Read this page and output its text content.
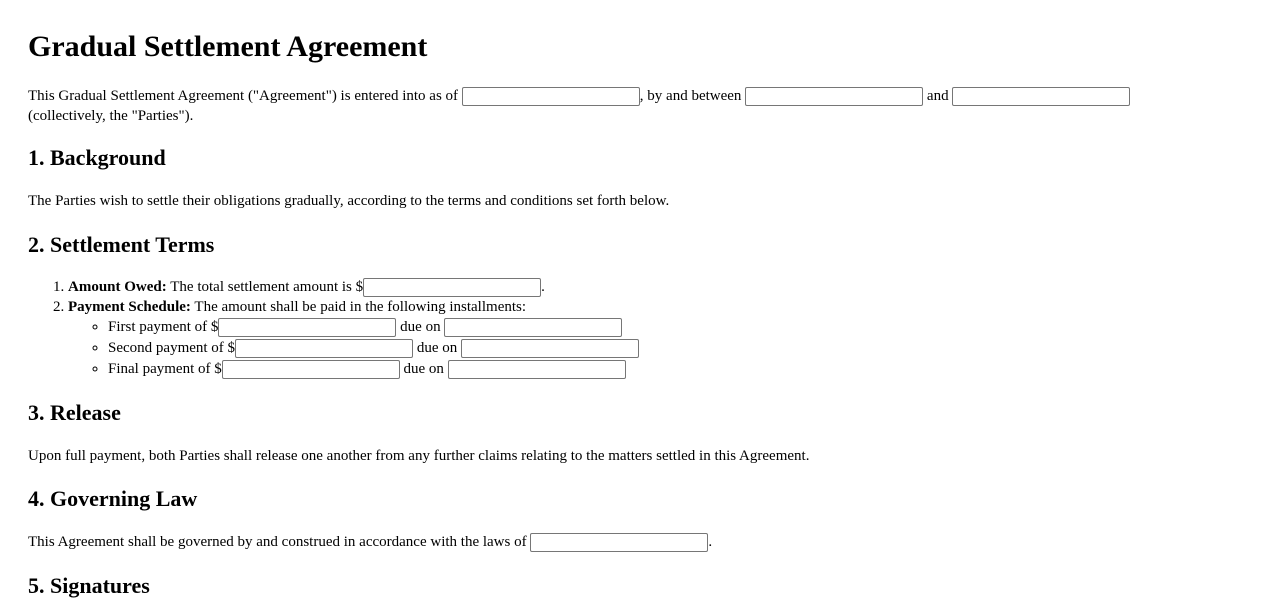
Gradual Settlement Agreement

This Gradual Settlement Agreement ("Agreement") is entered into as of	, by and between	and
(collectively, the "Parties").

1. Background

The Parties wish to settle their obligations gradually, according to the terms and conditions set forth below.

2. Settlement Terms
1. Amount Owed: The total settlement amount is $	.
2. Payment Schedule: The amount shall be paid in the following installments:
◦ First payment of $	due on
◦ Second payment of $	due on
◦ Final payment of $	due on
3. Release

Upon full payment, both Parties shall release one another from any further claims relating to the matters settled in this Agreement.

4. Governing Law

This Agreement shall be governed by and construed in accordance with the laws of	.

5. Signatures
